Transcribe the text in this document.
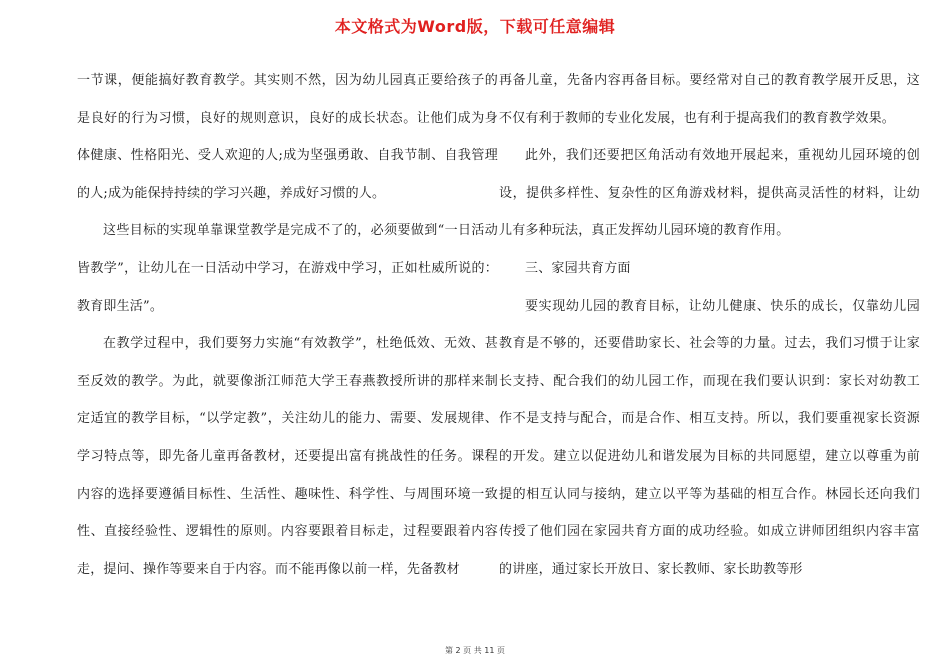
本文格式为Word版，下载可任意编辑

一节课，便能搞好教育教学。其实则不然，因为幼儿园真正要给孩子的是良好的行为习惯，良好的规则意识，良好的成长状态。让他们成为身体健康、性格阳光、受人欢迎的人;成为坚强勇敢、自我节制、自我管理的人;成为能保持持续的学习兴趣，养成好习惯的人。

这些目标的实现单靠课堂教学是完成不了的，必须要做到“一日活动皆教学”，让幼儿在一日活动中学习，在游戏中学习，正如杜威所说的：教育即生活”。

在教学过程中，我们要努力实施“有效教学”，杜绝低效、无效、甚至反效的教学。为此，就要像浙江师范大学王春燕教授所讲的那样来制定适宜的教学目标，“以学定教”，关注幼儿的能力、需要、发展规律、学习特点等，即先备儿童再备教材，还要提出富有挑战性的任务。课程内容的选择要遵循目标性、生活性、趣味性、科学性、与周围环境一致性、直接经验性、逻辑性的原则。内容要跟着目标走，过程要跟着内容走，提问、操作等要来自于内容。而不能再像以前一样，先备教材

再备儿童，先备内容再备目标。要经常对自己的教育教学展开反思，这不仅有利于教师的专业化发展，也有利于提高我们的教育教学效果。

此外，我们还要把区角活动有效地开展起来，重视幼儿园环境的创设，提供多样性、复杂性的区角游戏材料，提供高灵活性的材料，让幼儿有多种玩法，真正发挥幼儿园环境的教育作用。

三、家园共育方面

要实现幼儿园的教育目标，让幼儿健康、快乐的成长，仅靠幼儿园教育是不够的，还要借助家长、社会等的力量。过去，我们习惯于让家长支持、配合我们的幼儿园工作，而现在我们要认识到：家长对幼教工作不是支持与配合，而是合作、相互支持。所以，我们要重视家长资源的开发。建立以促进幼儿和谐发展为目标的共同愿望，建立以尊重为前提的相互认同与接纳，建立以平等为基础的相互合作。林园长还向我们传授了他们园在家园共育方面的成功经验。如成立讲师团组织内容丰富的讲座，通过家长开放日、家长教师、家长助教等形

第 2 页 共 11 页
